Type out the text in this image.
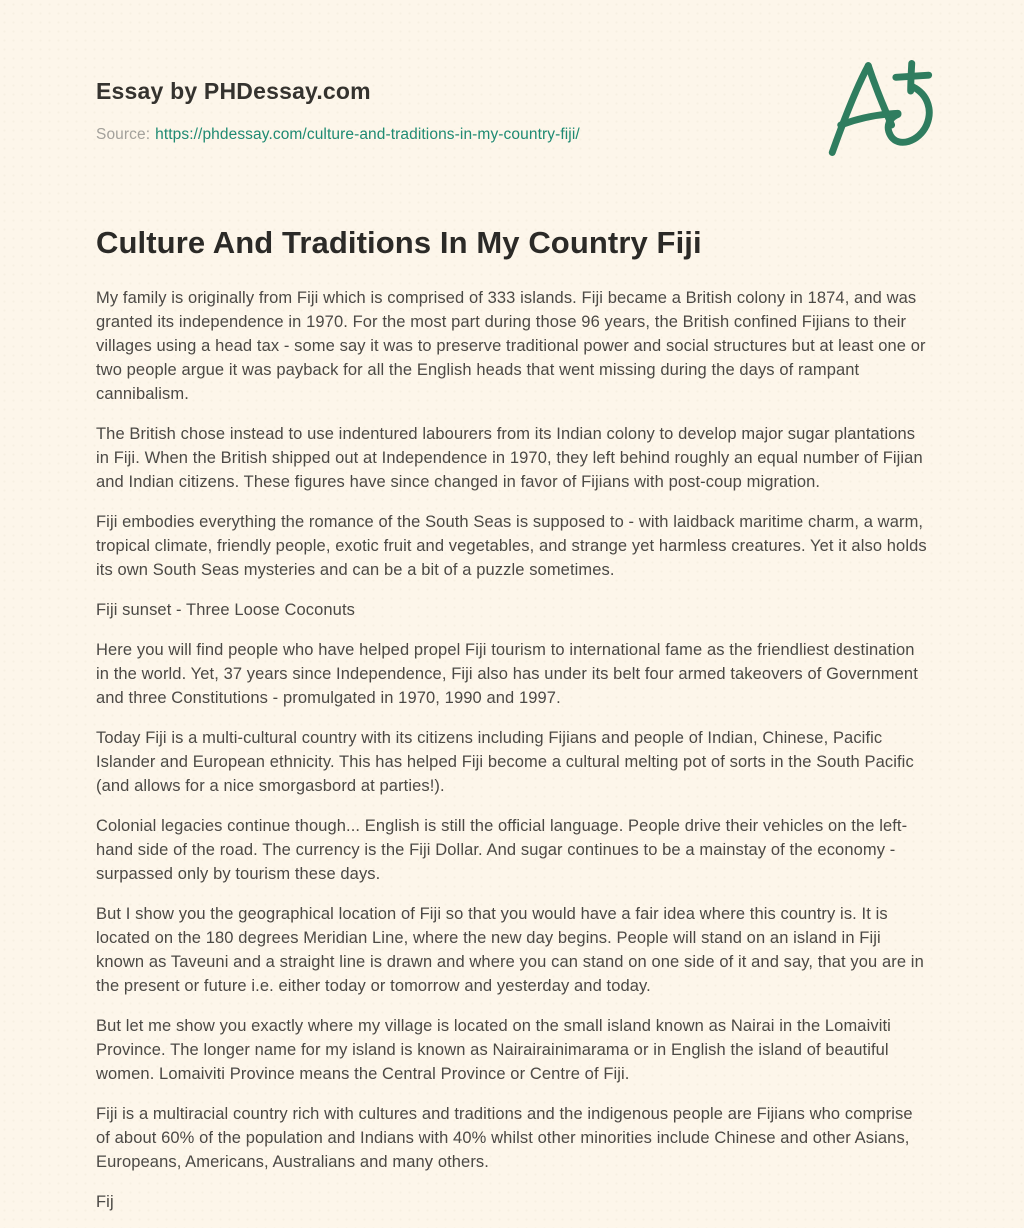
Essay by PHDessay.com
Source: https://phdessay.com/culture-and-traditions-in-my-country-fiji/
Culture And Traditions In My Country Fiji

My family is originally from Fiji which is comprised of 333 islands. Fiji became a British colony in 1874, and was granted its independence in 1970. For the most part during those 96 years, the British confined Fijians to their villages using a head tax - some say it was to preserve traditional power and social structures but at least one or two people argue it was payback for all the English heads that went missing during the days of rampant cannibalism.

The British chose instead to use indentured labourers from its Indian colony to develop major sugar plantations in Fiji. When the British shipped out at Independence in 1970, they left behind roughly an equal number of Fijian and Indian citizens. These figures have since changed in favor of Fijians with post-coup migration.

Fiji embodies everything the romance of the South Seas is supposed to - with laidback maritime charm, a warm, tropical climate, friendly people, exotic fruit and vegetables, and strange yet harmless creatures. Yet it also holds its own South Seas mysteries and can be a bit of a puzzle sometimes.

Fiji sunset - Three Loose Coconuts

Here you will find people who have helped propel Fiji tourism to international fame as the friendliest destination in the world. Yet, 37 years since Independence, Fiji also has under its belt four armed takeovers of Government and three Constitutions - promulgated in 1970, 1990 and 1997.

Today Fiji is a multi-cultural country with its citizens including Fijians and people of Indian, Chinese, Pacific Islander and European ethnicity. This has helped Fiji become a cultural melting pot of sorts in the South Pacific (and allows for a nice smorgasbord at parties!).

Colonial legacies continue though... English is still the official language. People drive their vehicles on the left-hand side of the road. The currency is the Fiji Dollar. And sugar continues to be a mainstay of the economy - surpassed only by tourism these days.

But I show you the geographical location of Fiji so that you would have a fair idea where this country is. It is located on the 180 degrees Meridian Line, where the new day begins. People will stand on an island in Fiji known as Taveuni and a straight line is drawn and where you can stand on one side of it and say, that you are in the present or future i.e. either today or tomorrow and yesterday and today.

But let me show you exactly where my village is located on the small island known as Nairai in the Lomaiviti Province. The longer name for my island is known as Nairairainimarama or in English the island of beautiful women. Lomaiviti Province means the Central Province or Centre of Fiji.

Fiji is a multiracial country rich with cultures and traditions and the indigenous people are Fijians who comprise of about 60% of the population and Indians with 40% whilst other minorities include Chinese and other Asians, Europeans, Americans, Australians and many others.

Fij
